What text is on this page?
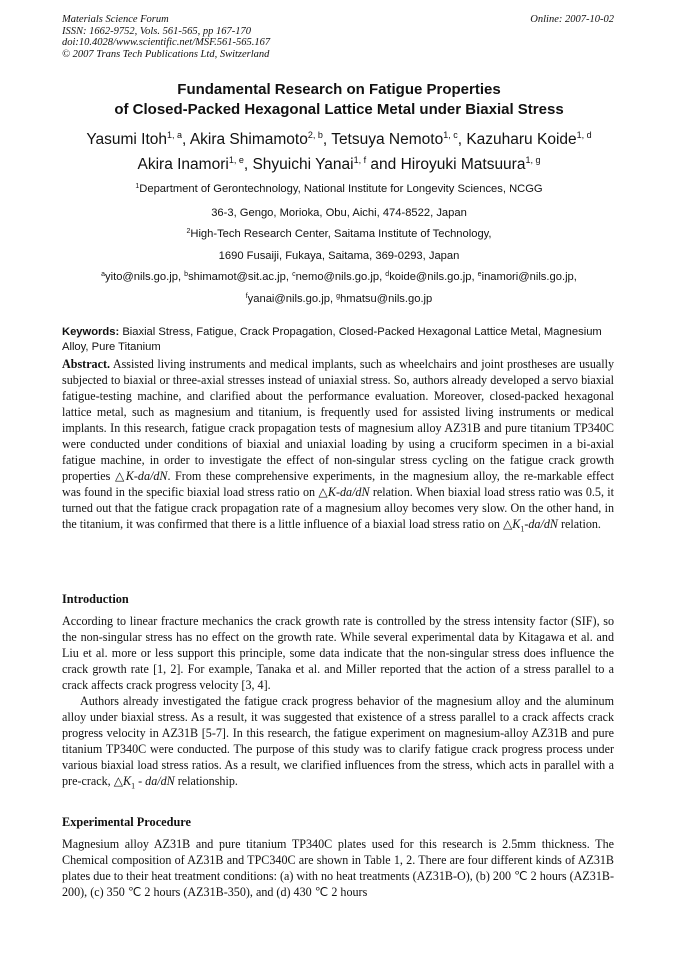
Materials Science Forum
ISSN: 1662-9752, Vols. 561-565, pp 167-170
doi:10.4028/www.scientific.net/MSF.561-565.167
© 2007 Trans Tech Publications Ltd, Switzerland
Online: 2007-10-02
Fundamental Research on Fatigue Properties
of Closed-Packed Hexagonal Lattice Metal under Biaxial Stress
Yasumi Itoh$^{1, a}$, Akira Shimamoto$^{2, b}$, Tetsuya Nemoto$^{1, c}$, Kazuharu Koide$^{1, d}$
Akira Inamori$^{1, e}$, Shyuichi Yanai$^{1, f}$ and Hiroyuki Matsuura$^{1, g}$
$^1$Department of Gerontechnology, National Institute for Longevity Sciences, NCGG
36-3, Gengo, Morioka, Obu, Aichi, 474-8522, Japan
$^2$High-Tech Research Center, Saitama Institute of Technology,
1690 Fusaiji, Fukaya, Saitama, 369-0293, Japan
$^a$yito@nils.go.jp, $^b$shimamot@sit.ac.jp, $^c$nemo@nils.go.jp, $^d$koide@nils.go.jp, $^e$inamori@nils.go.jp,
$^f$yanai@nils.go.jp, $^g$hmatsu@nils.go.jp
Keywords: Biaxial Stress, Fatigue, Crack Propagation, Closed-Packed Hexagonal Lattice Metal, Magnesium Alloy, Pure Titanium

Abstract. Assisted living instruments and medical implants, such as wheelchairs and joint prostheses are usually subjected to biaxial or three-axial stresses instead of uniaxial stress. So, authors already developed a servo biaxial fatigue-testing machine, and clarified about the performance evaluation. Moreover, closed-packed hexagonal lattice metal, such as magnesium and titanium, is frequently used for assisted living instruments or medical implants. In this research, fatigue crack propagation tests of magnesium alloy AZ31B and pure titanium TP340C were conducted under conditions of biaxial and uniaxial loading by using a cruciform specimen in a bi-axial fatigue machine, in order to investigate the effect of non-singular stress cycling on the fatigue crack growth properties △K-da/dN. From these comprehensive experiments, in the magnesium alloy, the re-markable effect was found in the specific biaxial load stress ratio on △K-da/dN relation. When biaxial load stress ratio was 0.5, it turned out that the fatigue crack propagation rate of a magnesium alloy becomes very slow. On the other hand, in the titanium, it was confirmed that there is a little influence of a biaxial load stress ratio on $\triangle K_1-da/dN$ relation.

Introduction

According to linear fracture mechanics the crack growth rate is controlled by the stress intensity factor (SIF), so the non-singular stress has no effect on the growth rate. While several experimental data by Kitagawa et al. and Liu et al. more or less support this principle, some data indicate that the non-singular stress does influence the crack growth rate [1, 2]. For example, Tanaka et al. and Miller reported that the action of a stress parallel to a crack affects crack progress velocity [3, 4].

Authors already investigated the fatigue crack progress behavior of the magnesium alloy and the aluminum alloy under biaxial stress. As a result, it was suggested that existence of a stress parallel to a crack affects crack progress velocity in AZ31B [5-7]. In this research, the fatigue experiment on magnesium-alloy AZ31B and pure titanium TP340C were conducted. The purpose of this study was to clarify fatigue crack progress process under various biaxial load stress ratios. As a result, we clarified influences from the stress, which acts in parallel with a pre-crack, $\triangle K_1 - da/dN$ relationship.

Experimental Procedure

Magnesium alloy AZ31B and pure titanium TP340C plates used for this research is 2.5mm thickness. The Chemical composition of AZ31B and TPC340C are shown in Table 1, 2. There are four different kinds of AZ31B plates due to their heat treatment conditions: (a) with no heat treatments (AZ31B-O), (b) 200 ℃ 2 hours (AZ31B-200), (c) 350 ℃ 2 hours (AZ31B-350), and (d) 430 ℃ 2 hours
